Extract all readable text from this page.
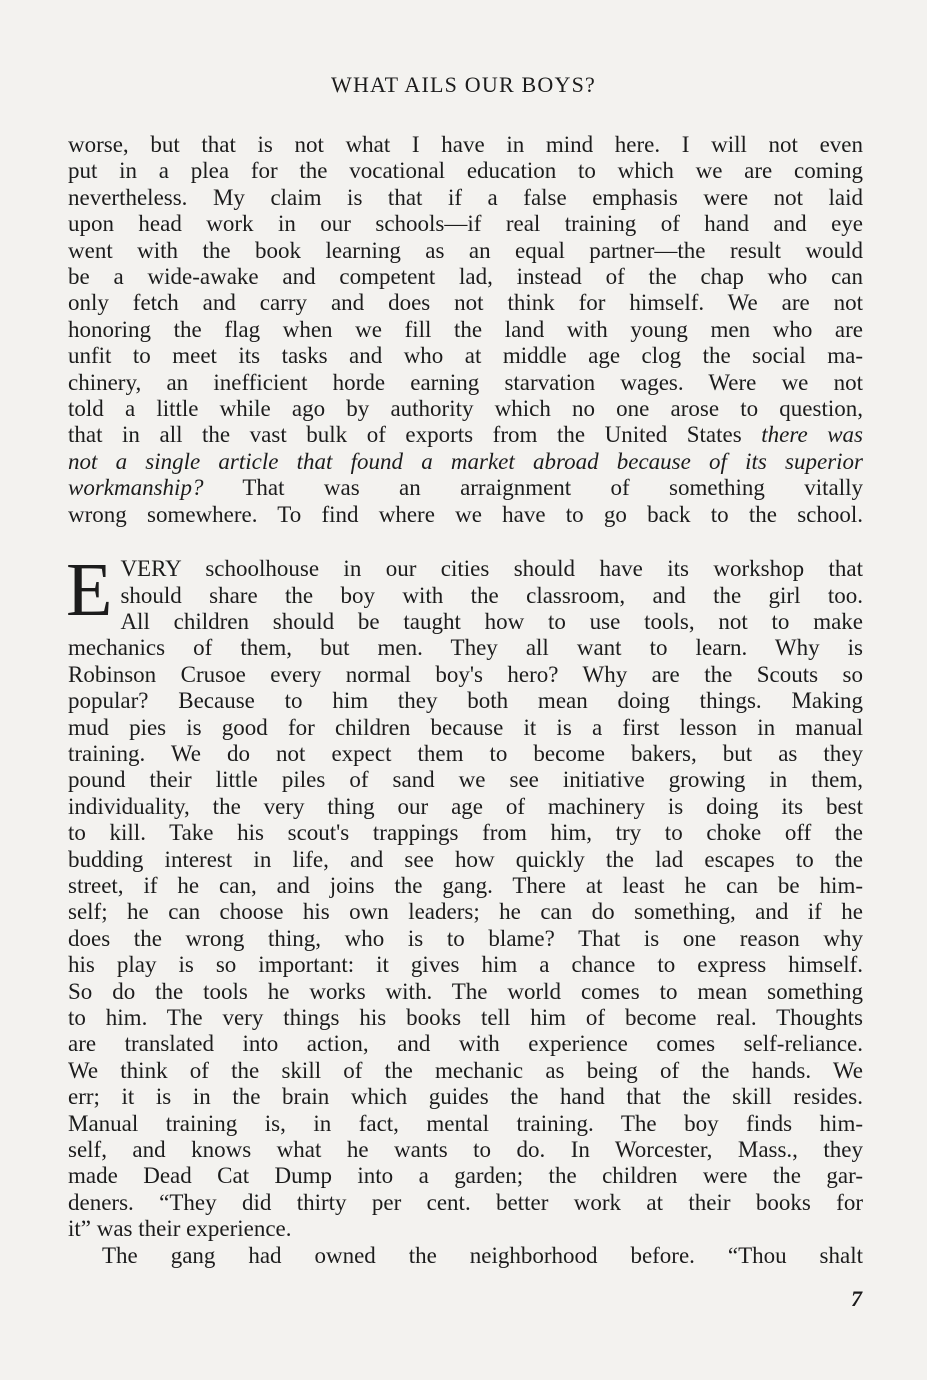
WHAT AILS OUR BOYS?
worse, but that is not what I have in mind here. I will not even
put in a plea for the vocational education to which we are coming
nevertheless. My claim is that if a false emphasis were not laid
upon head work in our schools—if real training of hand and eye
went with the book learning as an equal partner—the result would
be a wide-awake and competent lad, instead of the chap who can
only fetch and carry and does not think for himself. We are not
honoring the flag when we fill the land with young men who are
unfit to meet its tasks and who at middle age clog the social ma-
chinery, an inefficient horde earning starvation wages. Were we not
told a little while ago by authority which no one arose to question,
that in all the vast bulk of exports from the United States there was
not a single article that found a market abroad because of its superior
workmanship? That was an arraignment of something vitally
wrong somewhere. To find where we have to go back to the school.
E VERY schoolhouse in our cities should have its workshop that
should share the boy with the classroom, and the girl too.
All children should be taught how to use tools, not to make
mechanics of them, but men. They all want to learn. Why is
Robinson Crusoe every normal boy's hero? Why are the Scouts so
popular? Because to him they both mean doing things. Making
mud pies is good for children because it is a first lesson in manual
training. We do not expect them to become bakers, but as they
pound their little piles of sand we see initiative growing in them,
individuality, the very thing our age of machinery is doing its best
to kill. Take his scout's trappings from him, try to choke off the
budding interest in life, and see how quickly the lad escapes to the
street, if he can, and joins the gang. There at least he can be him-
self; he can choose his own leaders; he can do something, and if he
does the wrong thing, who is to blame? That is one reason why
his play is so important: it gives him a chance to express himself.
So do the tools he works with. The world comes to mean something
to him. The very things his books tell him of become real. Thoughts
are translated into action, and with experience comes self-reliance.
We think of the skill of the mechanic as being of the hands. We
err; it is in the brain which guides the hand that the skill resides.
Manual training is, in fact, mental training. The boy finds him-
self, and knows what he wants to do. In Worcester, Mass., they
made Dead Cat Dump into a garden; the children were the gar-
deners. “They did thirty per cent. better work at their books for
it” was their experience.
The gang had owned the neighborhood before. “Thou shalt
7
